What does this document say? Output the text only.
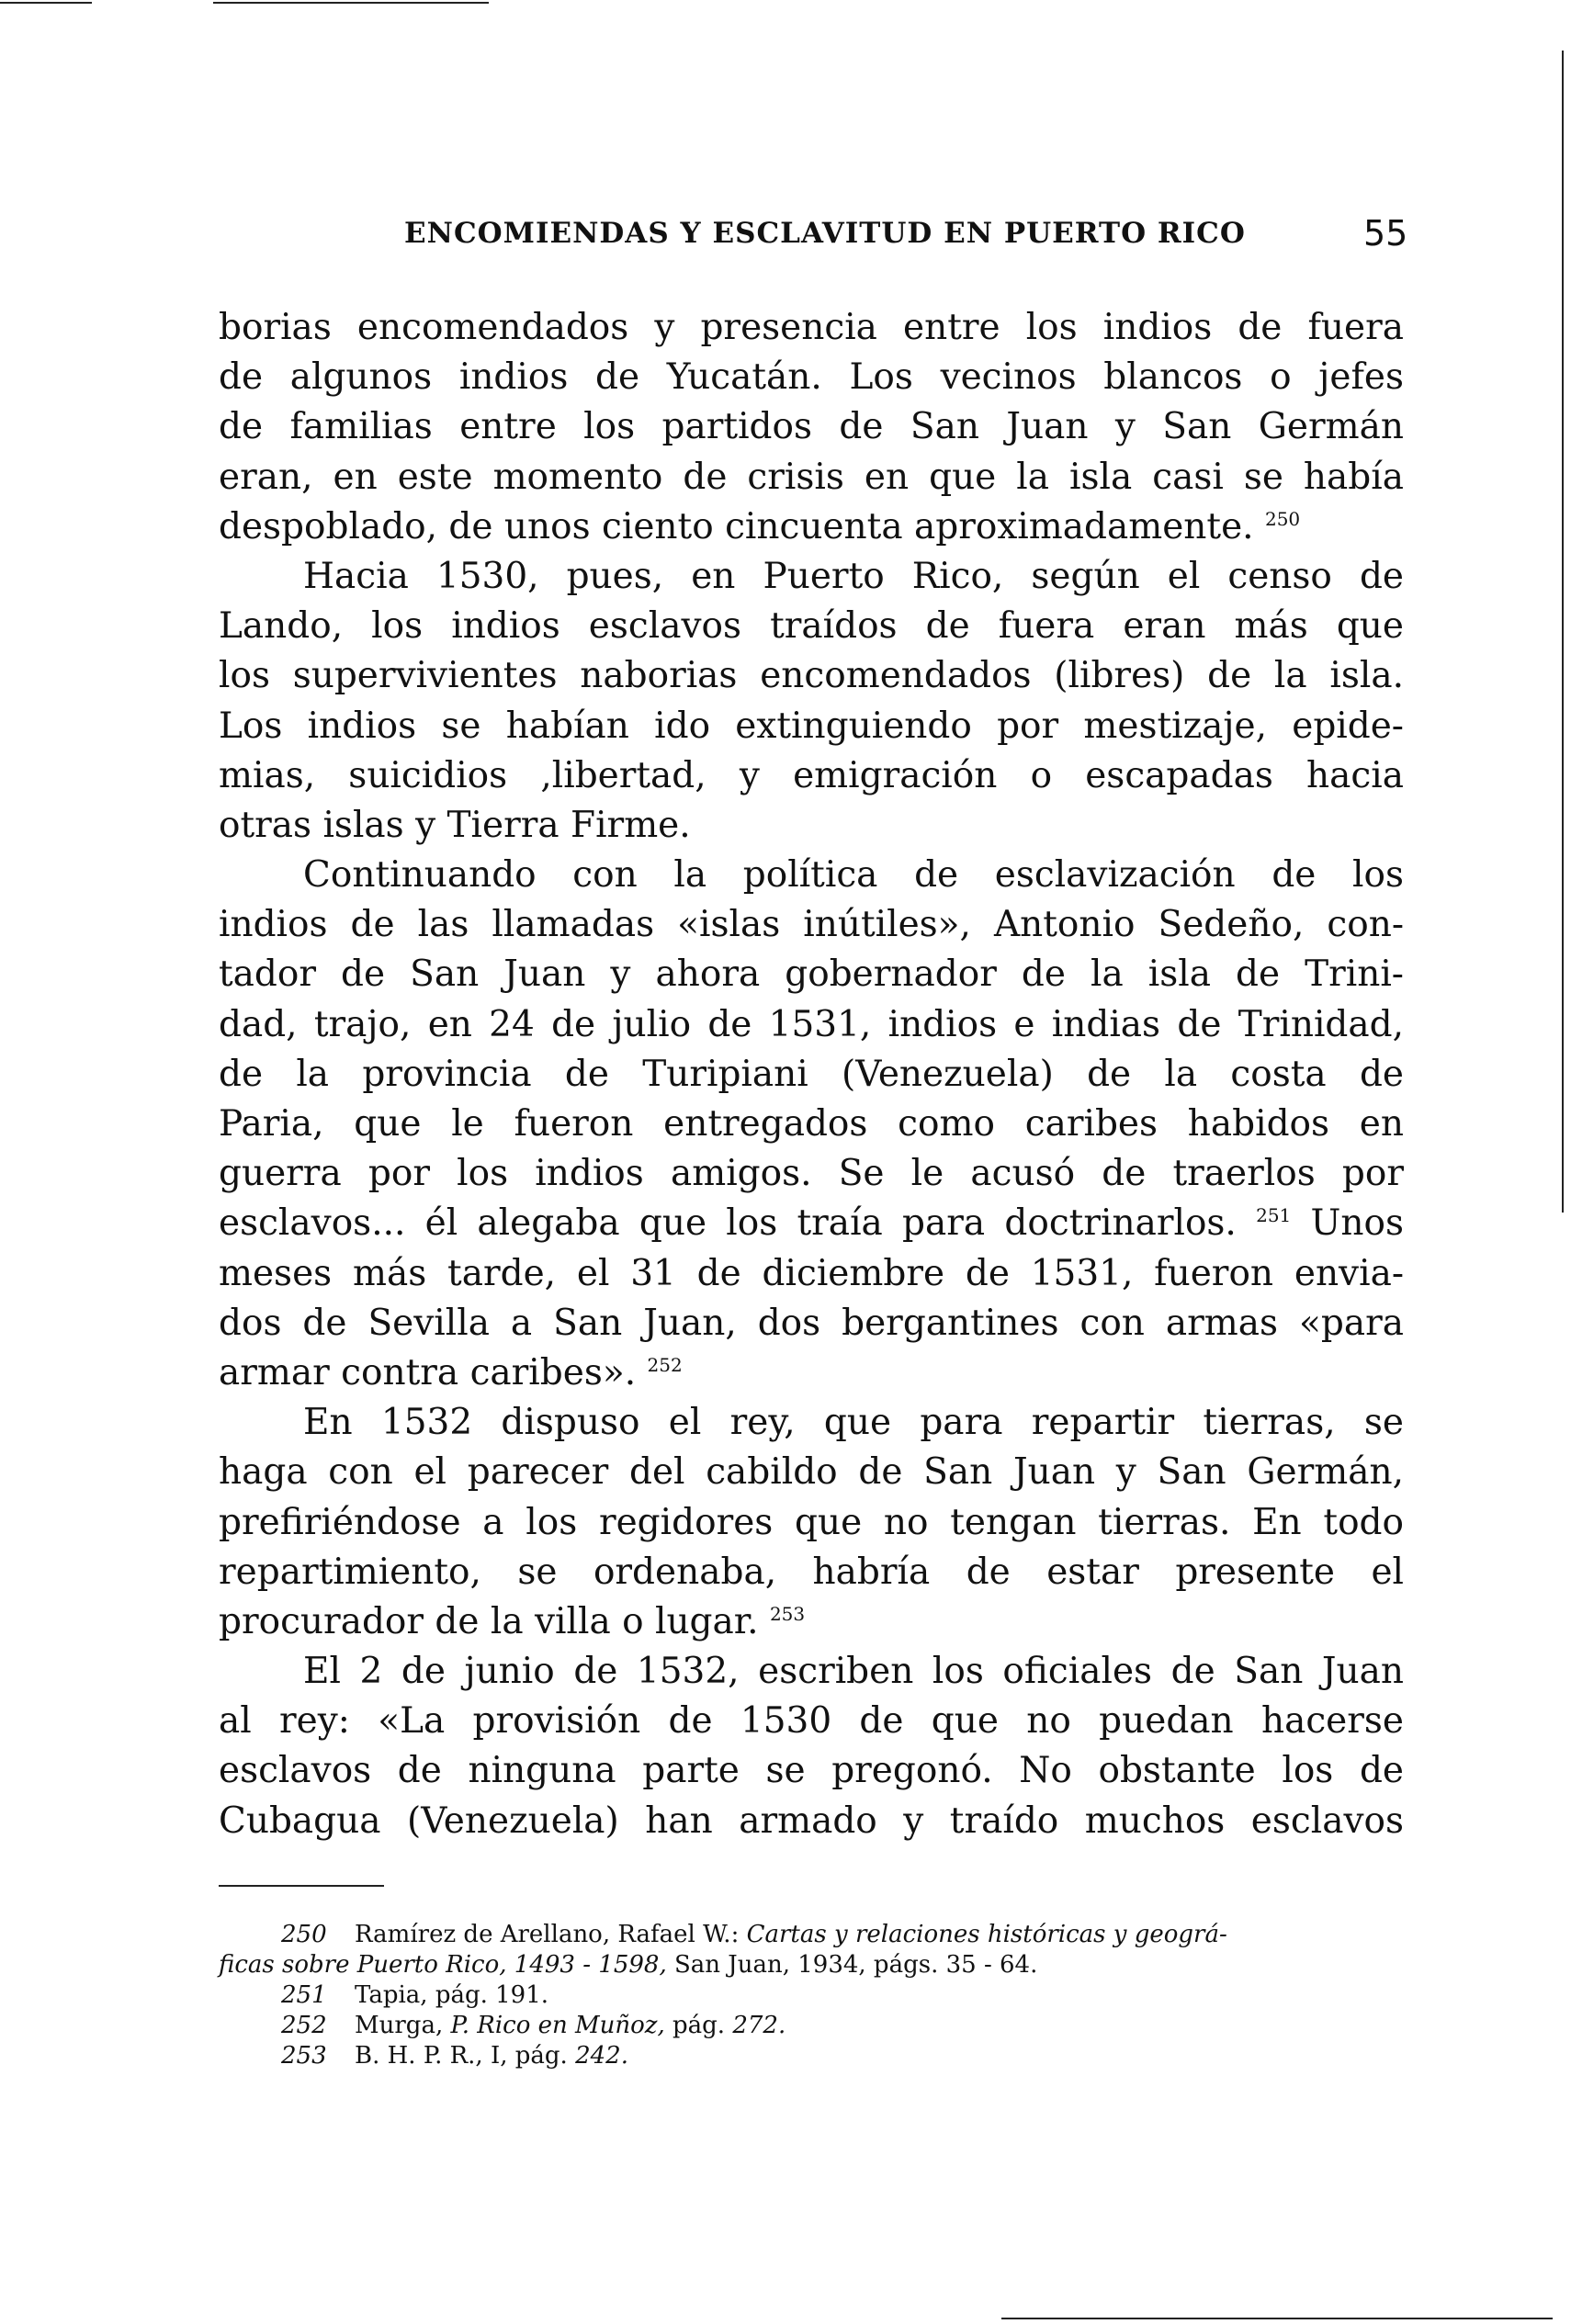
ENCOMIENDAS Y ESCLAVITUD EN PUERTO RICO	55
borias encomendados y presencia entre los indios de fuera
de algunos indios de Yucatán. Los vecinos blancos o jefes
de familias entre los partidos de San Juan y San Germán
eran, en este momento de crisis en que la isla casi se había
despoblado, de unos ciento cincuenta aproximadamente. $^{250}$
Hacia 1530, pues, en Puerto Rico, según el censo de
Lando, los indios esclavos traídos de fuera eran más que
los supervivientes naborias encomendados (libres) de la isla.
Los indios se habían ido extinguiendo por mestizaje, epide-
mias, suicidios ,libertad, y emigración o escapadas hacia
otras islas y Tierra Firme.
Continuando con la política de esclavización de los
indios de las llamadas «islas inútiles», Antonio Sedeño, con-
tador de San Juan y ahora gobernador de la isla de Trini-
dad, trajo, en 24 de julio de 1531, indios e indias de Trinidad,
de la provincia de Turipiani (Venezuela) de la costa de
Paria, que le fueron entregados como caribes habidos en
guerra por los indios amigos. Se le acusó de traerlos por
esclavos... él alegaba que los traía para doctrinarlos. $^{251}$ Unos
meses más tarde, el 31 de diciembre de 1531, fueron envia-
dos de Sevilla a San Juan, dos bergantines con armas «para
armar contra caribes». $^{252}$
En 1532 dispuso el rey, que para repartir tierras, se
haga con el parecer del cabildo de San Juan y San Germán,
prefiriéndose a los regidores que no tengan tierras. En todo
repartimiento, se ordenaba, habría de estar presente el
procurador de la villa o lugar. $^{253}$
El 2 de junio de 1532, escriben los oficiales de San Juan
al rey: «La provisión de 1530 de que no puedan hacerse
esclavos de ninguna parte se pregonó. No obstante los de
Cubagua (Venezuela) han armado y traído muchos esclavos
250 Ramírez de Arellano, Rafael W.: Cartas y relaciones históricas y geográ-
ficas sobre Puerto Rico, 1493 - 1598, San Juan, 1934, págs. 35 - 64.
251 Tapia, pág. 191.
252 Murga, P. Rico en Muñoz, pág. 272.
253 B. H. P. R., I, pág. 242.
